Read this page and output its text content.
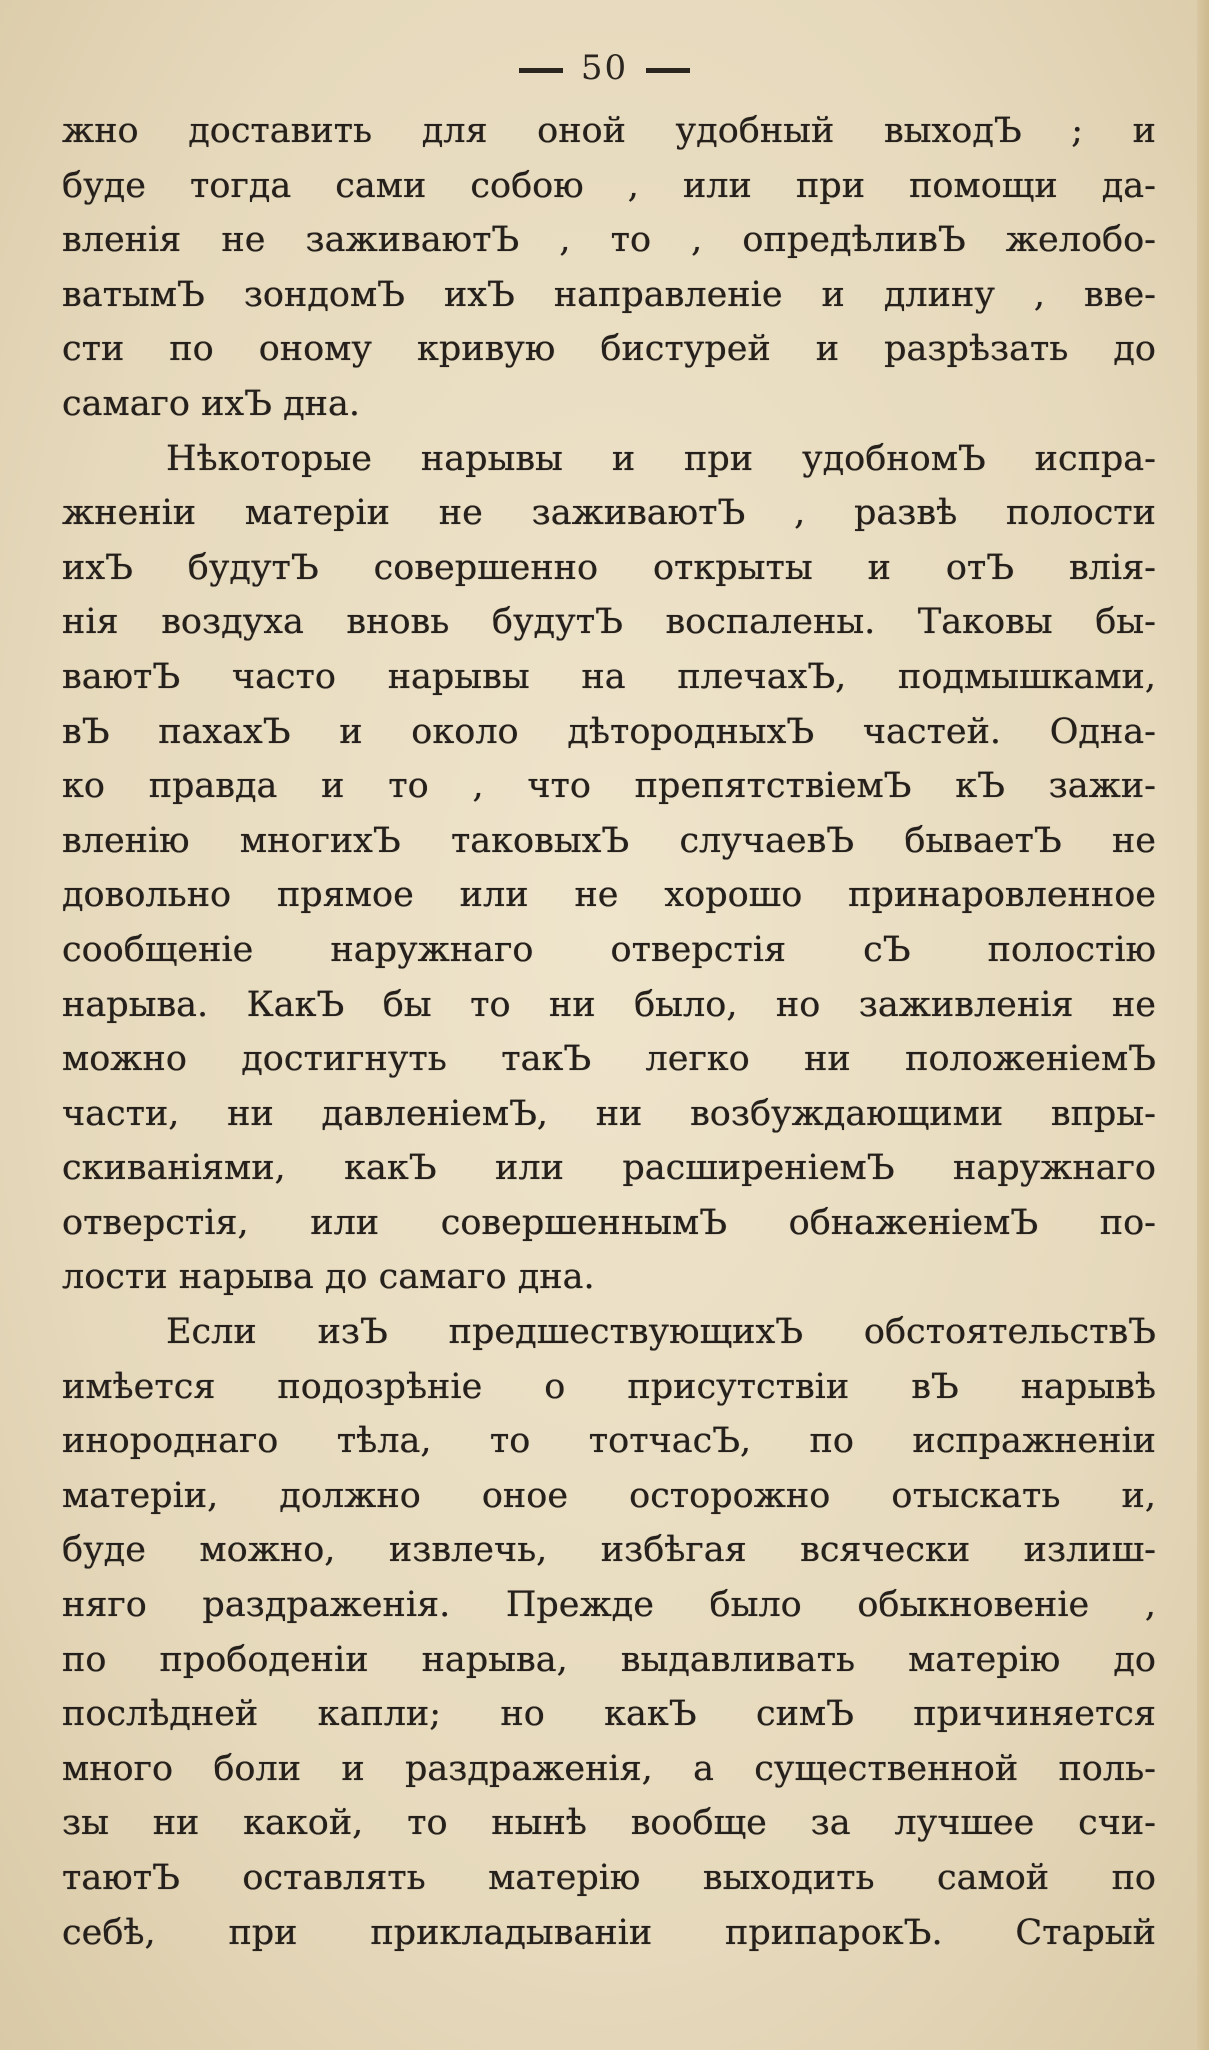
50
жно доставить для оной удобный выходЪ ; и
буде тогда сами собою , или при помощи да-
вленія не заживаютЪ , то , опредѣливЪ желобо-
ватымЪ зондомЪ ихЪ направленіе и длину , ввe-
сти по оному кривую бистурей и разрѣзать до
самаго ихЪ дна.
Нѣкоторые нарывы и при удобномЪ испра-
жненіи матеріи не заживаютЪ , развѣ полости
ихЪ будутЪ совершенно открыты и отЪ влія-
нія воздуха вновь будутЪ воспалены. Таковы бы-
ваютЪ часто нарывы на плечахЪ, подмышками,
вЪ пахахЪ и около дѣтородныхЪ частей. Одна-
ко правда и то , что препятствіемЪ кЪ зажи-
вленію многихЪ таковыхЪ случаевЪ бываетЪ не
довольно прямое или не хорошо принаровленное
сообщеніе наружнаго отверстія сЪ полостію
нарыва. КакЪ бы то ни было, но заживленія не
можно достигнуть такЪ легко ни положеніемЪ
части, ни давленіемЪ, ни возбуждающими впры-
скиваніями, какЪ или расширеніемЪ наружнаго
отверстія, или совершеннымЪ обнаженіемЪ по-
лости нарыва до самаго дна.
Если изЪ предшествующихЪ обстоятельствЪ
имѣется подозрѣніе о присутствіи вЪ нарывѣ
инороднаго тѣла, то тотчасЪ, по испражненіи
матеріи, должно оное осторожно отыскать и,
буде можно, извлечь, избѣгая всячески излиш-
няго раздраженія. Прежде было обыкновеніе ,
по прободеніи нарыва, выдавливать матерію до
послѣдней капли; но какЪ симЪ причиняется
много боли и раздраженія, а существенной поль-
зы ни какой, то нынѣ вообще за лучшее счи-
таютЪ оставлять матерію выходить самой по
себѣ, при прикладываніи припарокЪ. Старый
